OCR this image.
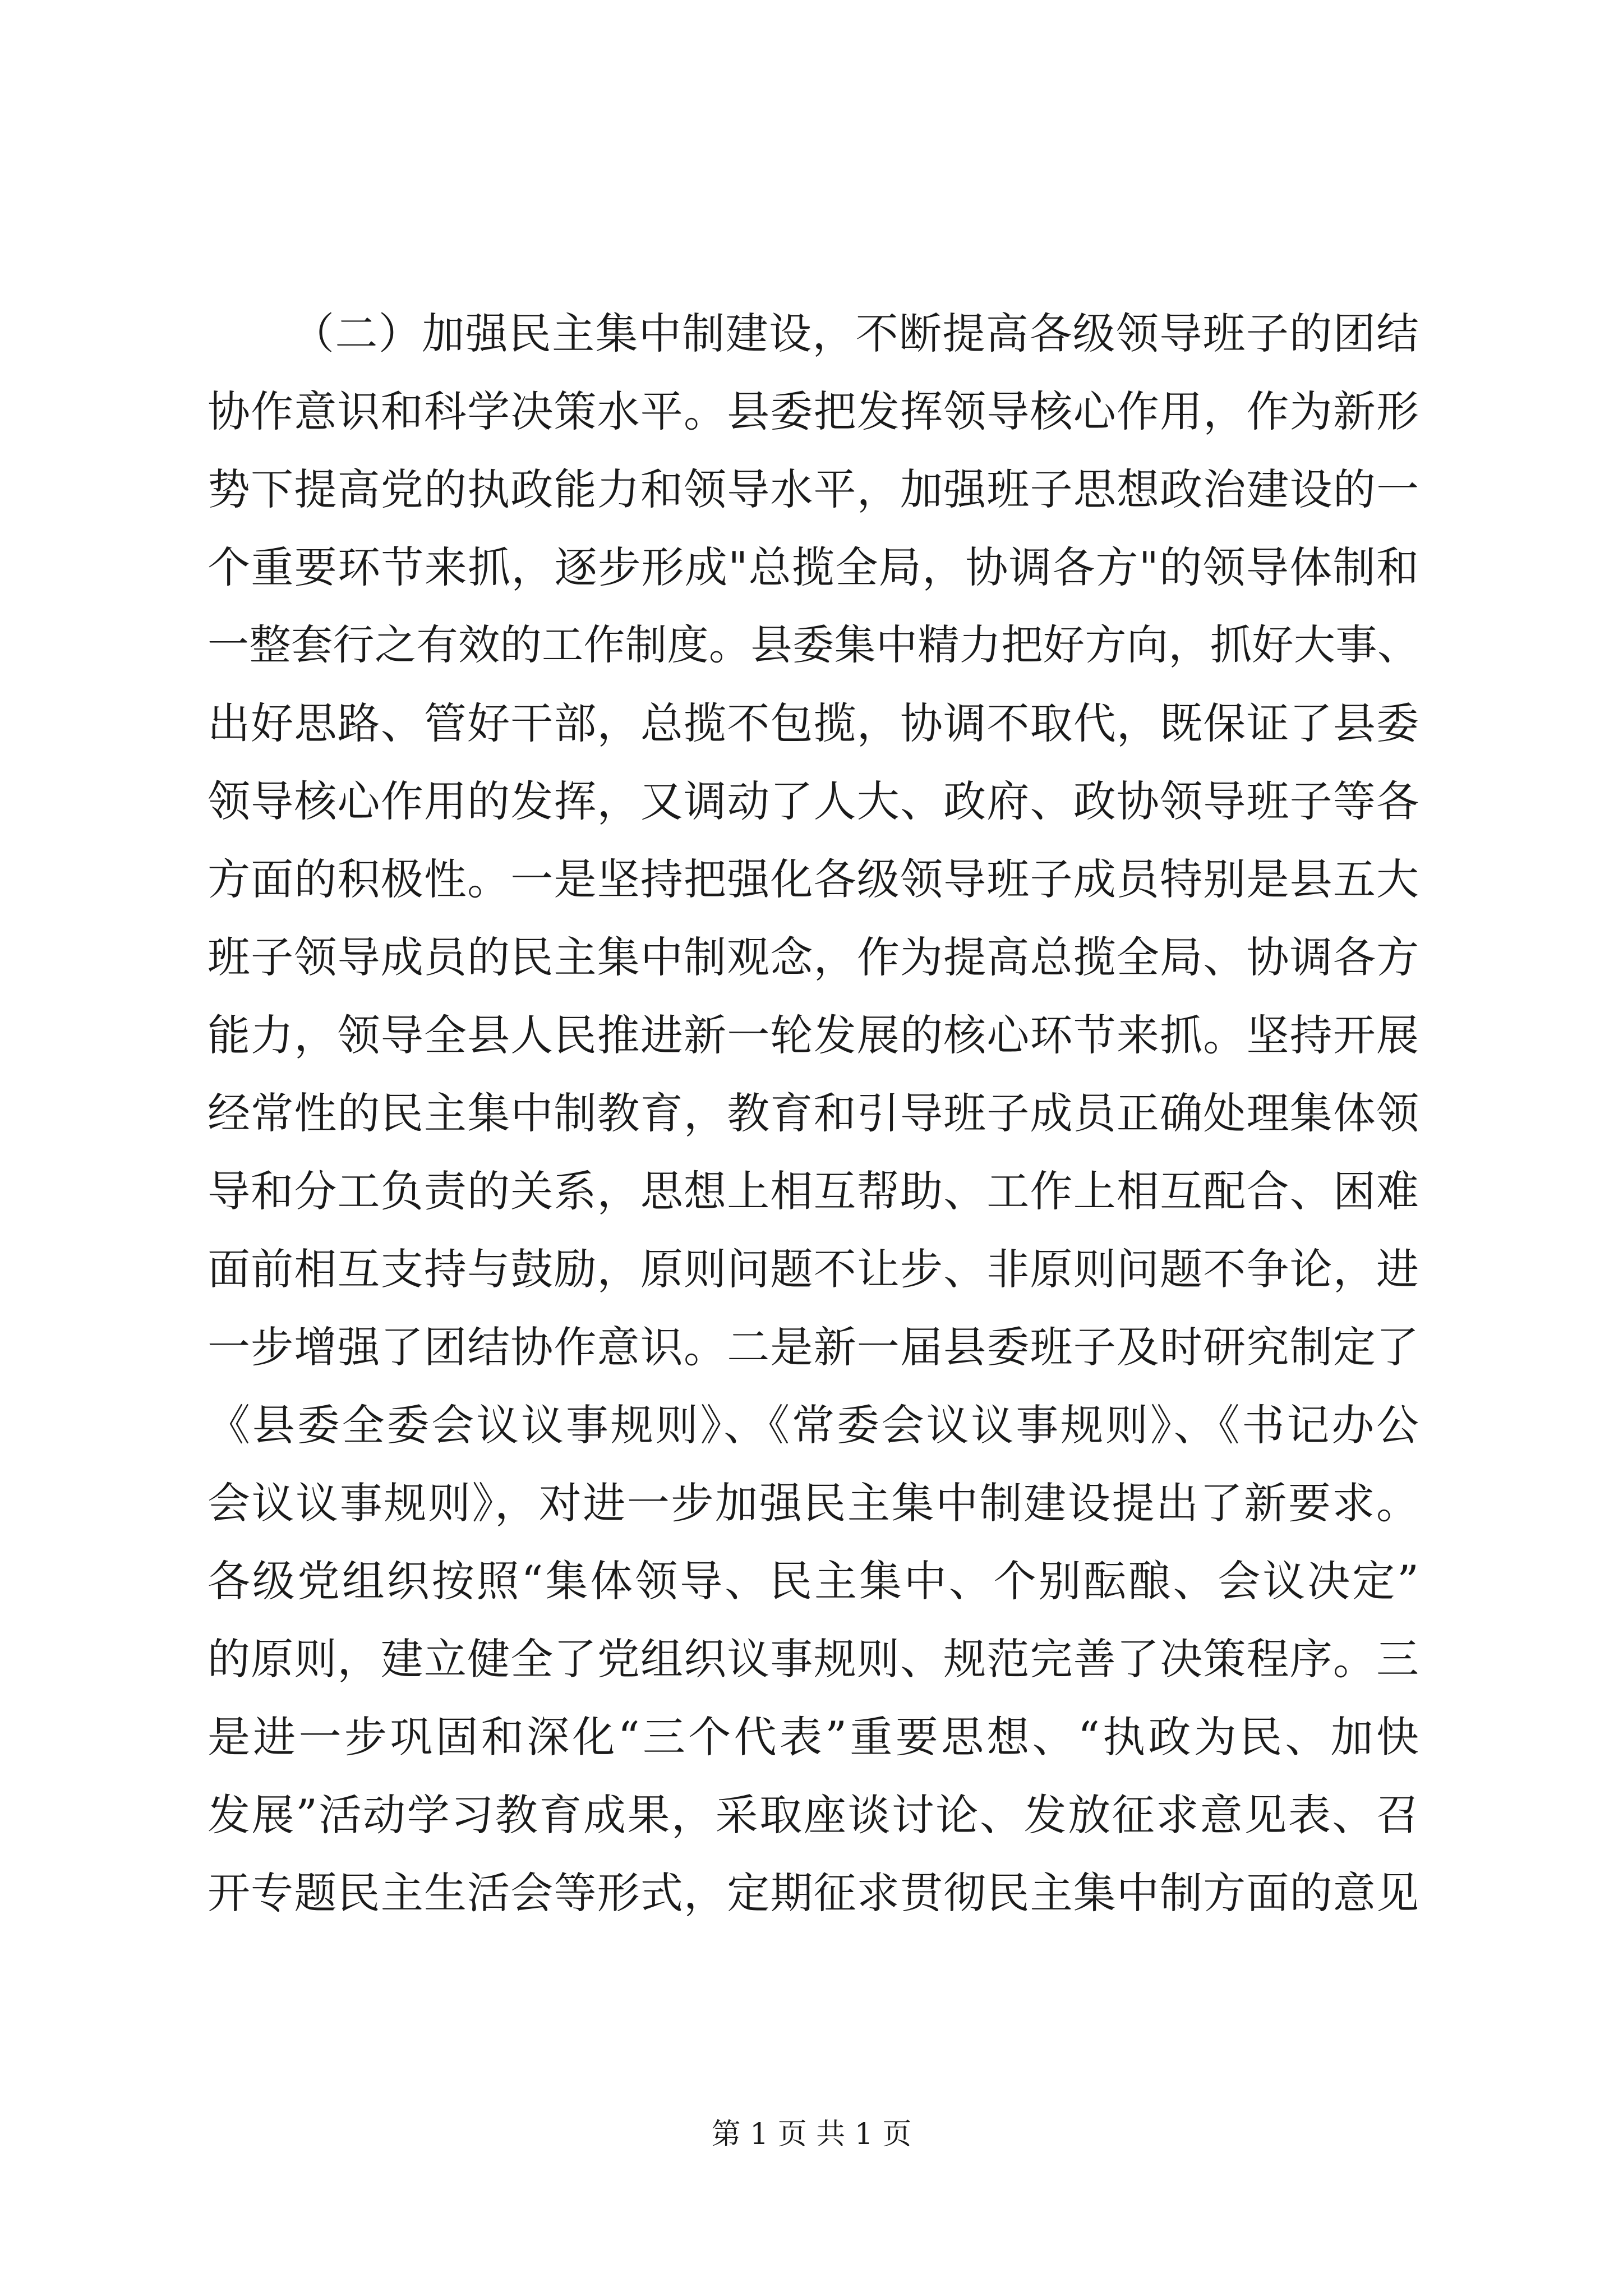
（二）加强民主集中制建设，不断提高各级领导班子的团结
协作意识和科学决策水平。县委把发挥领导核心作用，作为新形
势下提高党的执政能力和领导水平，加强班子思想政治建设的一
个重要环节来抓，逐步形成"总揽全局，协调各方"的领导体制和
一整套行之有效的工作制度。县委集中精力把好方向，抓好大事、
出好思路、管好干部，总揽不包揽，协调不取代，既保证了县委
领导核心作用的发挥，又调动了人大、政府、政协领导班子等各
方面的积极性。一是坚持把强化各级领导班子成员特别是县五大
班子领导成员的民主集中制观念，作为提高总揽全局、协调各方
能力，领导全县人民推进新一轮发展的核心环节来抓。坚持开展
经常性的民主集中制教育，教育和引导班子成员正确处理集体领
导和分工负责的关系，思想上相互帮助、工作上相互配合、困难
面前相互支持与鼓励，原则问题不让步、非原则问题不争论，进
一步增强了团结协作意识。二是新一届县委班子及时研究制定了
《县委全委会议议事规则》、《常委会议议事规则》、《书记办公
会议议事规则》，对进一步加强民主集中制建设提出了新要求。
各级党组织按照“集体领导、民主集中、个别酝酿、会议决定”
的原则，建立健全了党组织议事规则、规范完善了决策程序。三
是进一步巩固和深化“三个代表”重要思想、“执政为民、加快
发展”活动学习教育成果，采取座谈讨论、发放征求意见表、召
开专题民主生活会等形式，定期征求贯彻民主集中制方面的意见
第 1 页 共 1 页
